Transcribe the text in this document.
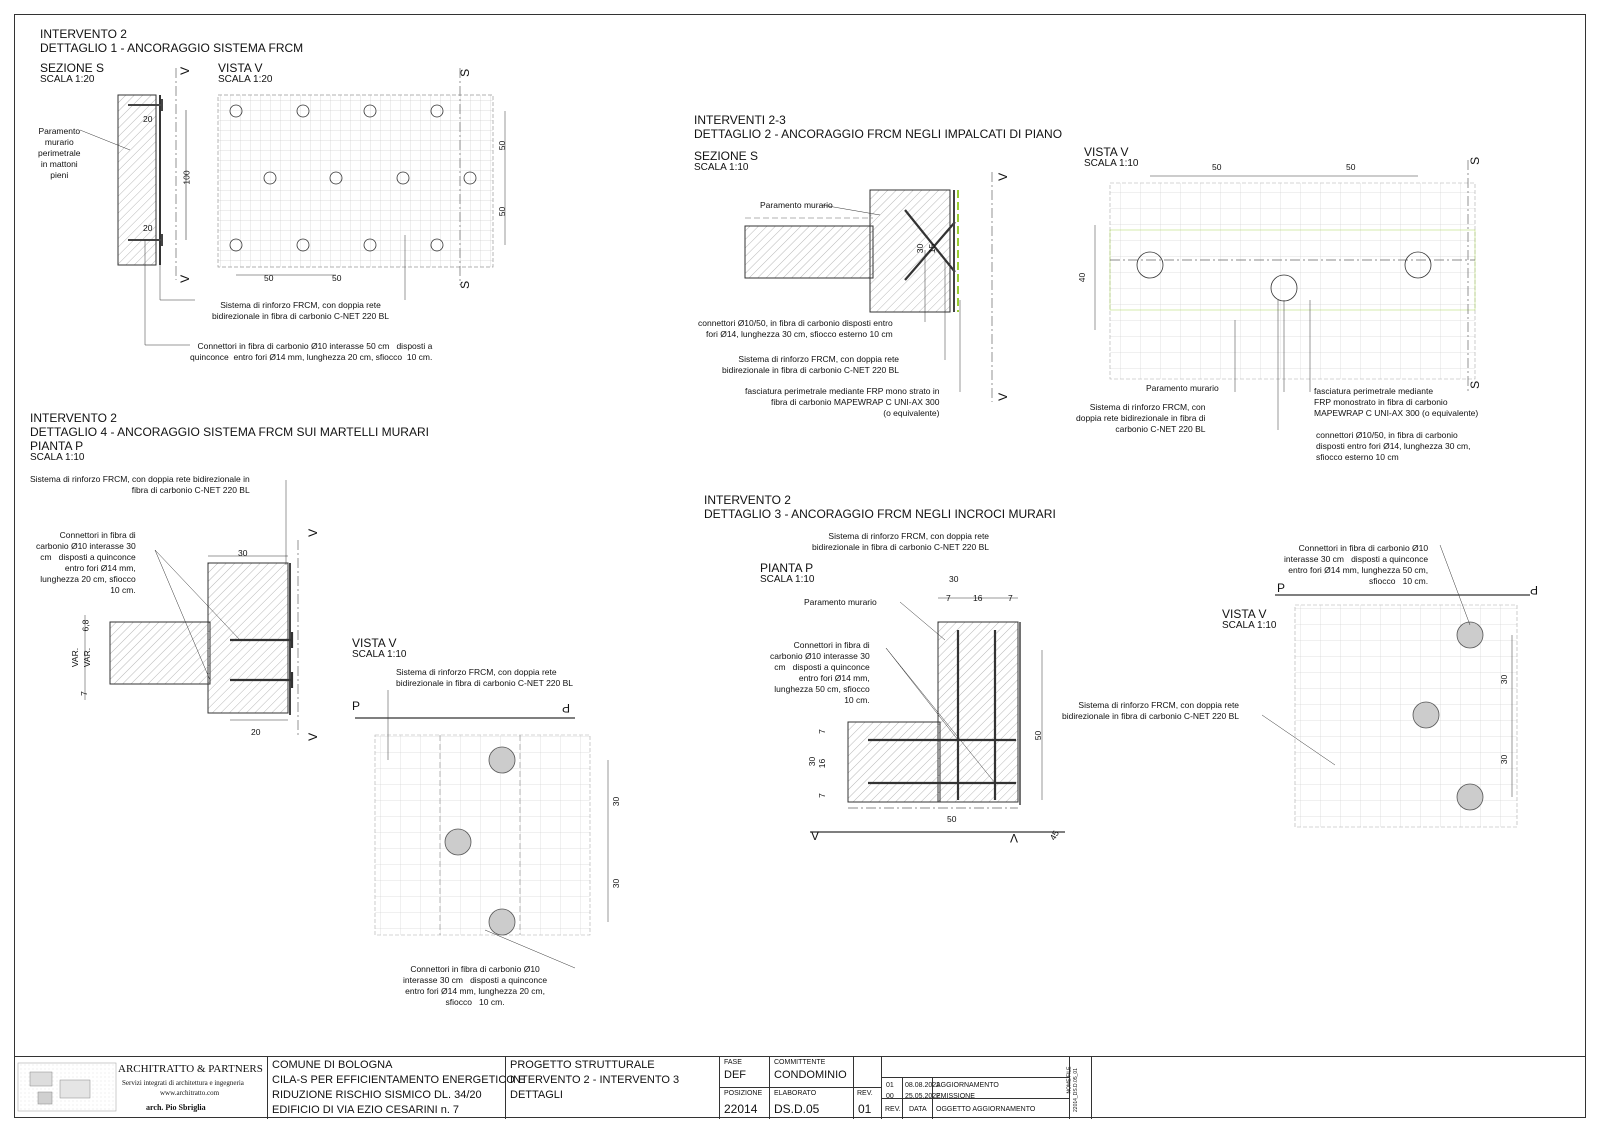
INTERVENTO 2
DETTAGLIO 1 - ANCORAGGIO SISTEMA FRCM
SEZIONE S
SCALA 1:20
VISTA V
SCALA 1:20
Paramento
murario
perimetrale
in mattoni
pieni
Sistema di rinforzo FRCM, con doppia rete
bidirezionale in fibra di carbonio C-NET 220 BL
Connettori in fibra di carbonio Ø10 interasse 50 cm   disposti a
quinconce  entro fori Ø14 mm, lunghezza 20 cm, sfiocco  10 cm.
20
20
100
50	50
50
50
V
V
S
S
INTERVENTI 2-3
DETTAGLIO 2 - ANCORAGGIO FRCM NEGLI IMPALCATI DI PIANO
SEZIONE S
SCALA 1:10
VISTA V
SCALA 1:10
Paramento murario
connettori Ø10/50, in fibra di carbonio disposti entro
fori Ø14, lunghezza 30 cm, sfiocco esterno 10 cm
Sistema di rinforzo FRCM, con doppia rete
bidirezionale in fibra di carbonio C-NET 220 BL
fasciatura perimetrale mediante FRP mono strato in
fibra di carbonio MAPEWRAP C UNI-AX 300
(o equivalente)
Paramento murario
Sistema di rinforzo FRCM, con
doppia rete bidirezionale in fibra di
carbonio C-NET 220 BL
fasciatura perimetrale mediante
FRP monostrato in fibra di carbonio
MAPEWRAP C UNI-AX 300 (o equivalente)
connettori Ø10/50, in fibra di carbonio
disposti entro fori Ø14, lunghezza 30 cm,
sfiocco esterno 10 cm
30 15
50	50
40
V
V
S
S
INTERVENTO 2
DETTAGLIO 4 - ANCORAGGIO SISTEMA FRCM SUI MARTELLI MURARI
PIANTA P
SCALA 1:10
Sistema di rinforzo FRCM, con doppia rete bidirezionale in
fibra di carbonio C-NET 220 BL
Connettori in fibra di
carbonio Ø10 interasse 30
cm   disposti a quinconce
entro fori Ø14 mm,
lunghezza 20 cm, sfiocco
10 cm.
VISTA V
SCALA 1:10
Sistema di rinforzo FRCM, con doppia rete
bidirezionale in fibra di carbonio C-NET 220 BL
Connettori in fibra di carbonio Ø10
interasse 30 cm   disposti a quinconce
entro fori Ø14 mm, lunghezza 20 cm,
sfiocco   10 cm.
30
20
6,8
VAR. VAR.
7
30
30
P	P
V
V
INTERVENTO 2
DETTAGLIO 3 - ANCORAGGIO FRCM NEGLI INCROCI MURARI
Sistema di rinforzo FRCM, con doppia rete
bidirezionale in fibra di carbonio C-NET 220 BL
PIANTA P
SCALA 1:10
Paramento murario
Connettori in fibra di
carbonio Ø10 interasse 30
cm   disposti a quinconce
entro fori Ø14 mm,
lunghezza 50 cm, sfiocco
10 cm.
30
7	16	7
50
50
30
7
16
7
45
V	V
VISTA V
SCALA 1:10
Connettori in fibra di carbonio Ø10
interasse 30 cm   disposti a quinconce
entro fori Ø14 mm, lunghezza 50 cm,
sfiocco   10 cm.
Sistema di rinforzo FRCM, con doppia rete
bidirezionale in fibra di carbonio C-NET 220 BL
30
30
P	P
ARCHITRATTO & PARTNERS
Servizi integrati di architettura e ingegneria
www.architratto.com
arch. Pio Sbriglia
COMUNE DI BOLOGNA
CILA-S PER EFFICIENTAMENTO ENERGETICO E
RIDUZIONE RISCHIO SISMICO DL. 34/20
EDIFICIO DI VIA EZIO CESARINI n. 7
PROGETTO STRUTTURALE
INTERVENTO 2 - INTERVENTO 3
DETTAGLI
FASE
DEF
POSIZIONE
22014
COMMITTENTE
CONDOMINIO
ELABORATO
DS.D.05
REV.
01
01 08.08.2022
AGGIORNAMENTO
00 25.05.2022
EMISSIONE
REV. DATA OGGETTO AGGIORNAMENTO
NOME FILE 22014_DS.D.05_01
